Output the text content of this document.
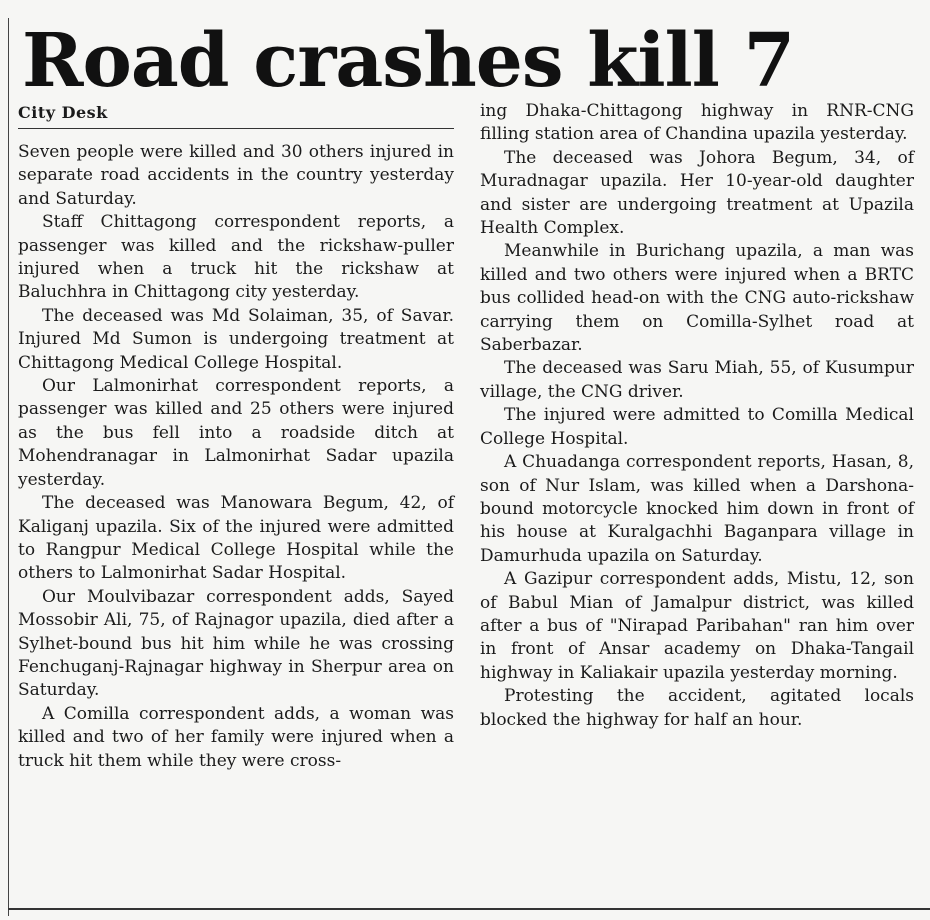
Road crashes kill 7
City Desk

Seven people were killed and 30 others injured in separate road accidents in the country yesterday and Saturday.

Staff Chittagong correspondent reports, a passenger was killed and the rickshaw-puller injured when a truck hit the rickshaw at Baluchhra in Chittagong city yesterday.

The deceased was Md Solaiman, 35, of Savar. Injured Md Sumon is undergoing treatment at Chittagong Medical College Hospital.

Our Lalmonirhat correspondent reports, a passenger was killed and 25 others were injured as the bus fell into a roadside ditch at Mohendranagar in Lalmonirhat Sadar upazila yesterday.

The deceased was Manowara Begum, 42, of Kaliganj upazila. Six of the injured were admitted to Rangpur Medical College Hospital while the others to Lalmonirhat Sadar Hospital.

Our Moulvibazar correspondent adds, Sayed Mossobir Ali, 75, of Rajnagor upazila, died after a Sylhet-bound bus hit him while he was crossing Fenchuganj-Rajnagar highway in Sherpur area on Saturday.

A Comilla correspondent adds, a woman was killed and two of her family were injured when a truck hit them while they were cross-

ing Dhaka-Chittagong highway in RNR-CNG filling station area of Chandina upazila yesterday.

The deceased was Johora Begum, 34, of Muradnagar upazila. Her 10-year-old daughter and sister are undergoing treatment at Upazila Health Complex.

Meanwhile in Burichang upazila, a man was killed and two others were injured when a BRTC bus collided head-on with the CNG auto-rickshaw carrying them on Comilla-Sylhet road at Saberbazar.

The deceased was Saru Miah, 55, of Kusumpur village, the CNG driver.

The injured were admitted to Comilla Medical College Hospital.

A Chuadanga correspondent reports, Hasan, 8, son of Nur Islam, was killed when a Darshona-bound motorcycle knocked him down in front of his house at Kuralgachhi Baganpara village in Damurhuda upazila on Saturday.

A Gazipur correspondent adds, Mistu, 12, son of Babul Mian of Jamalpur district, was killed after a bus of "Nirapad Paribahan" ran him over in front of Ansar academy on Dhaka-Tangail highway in Kaliakair upazila yesterday morning.

Protesting the accident, agitated locals blocked the highway for half an hour.
